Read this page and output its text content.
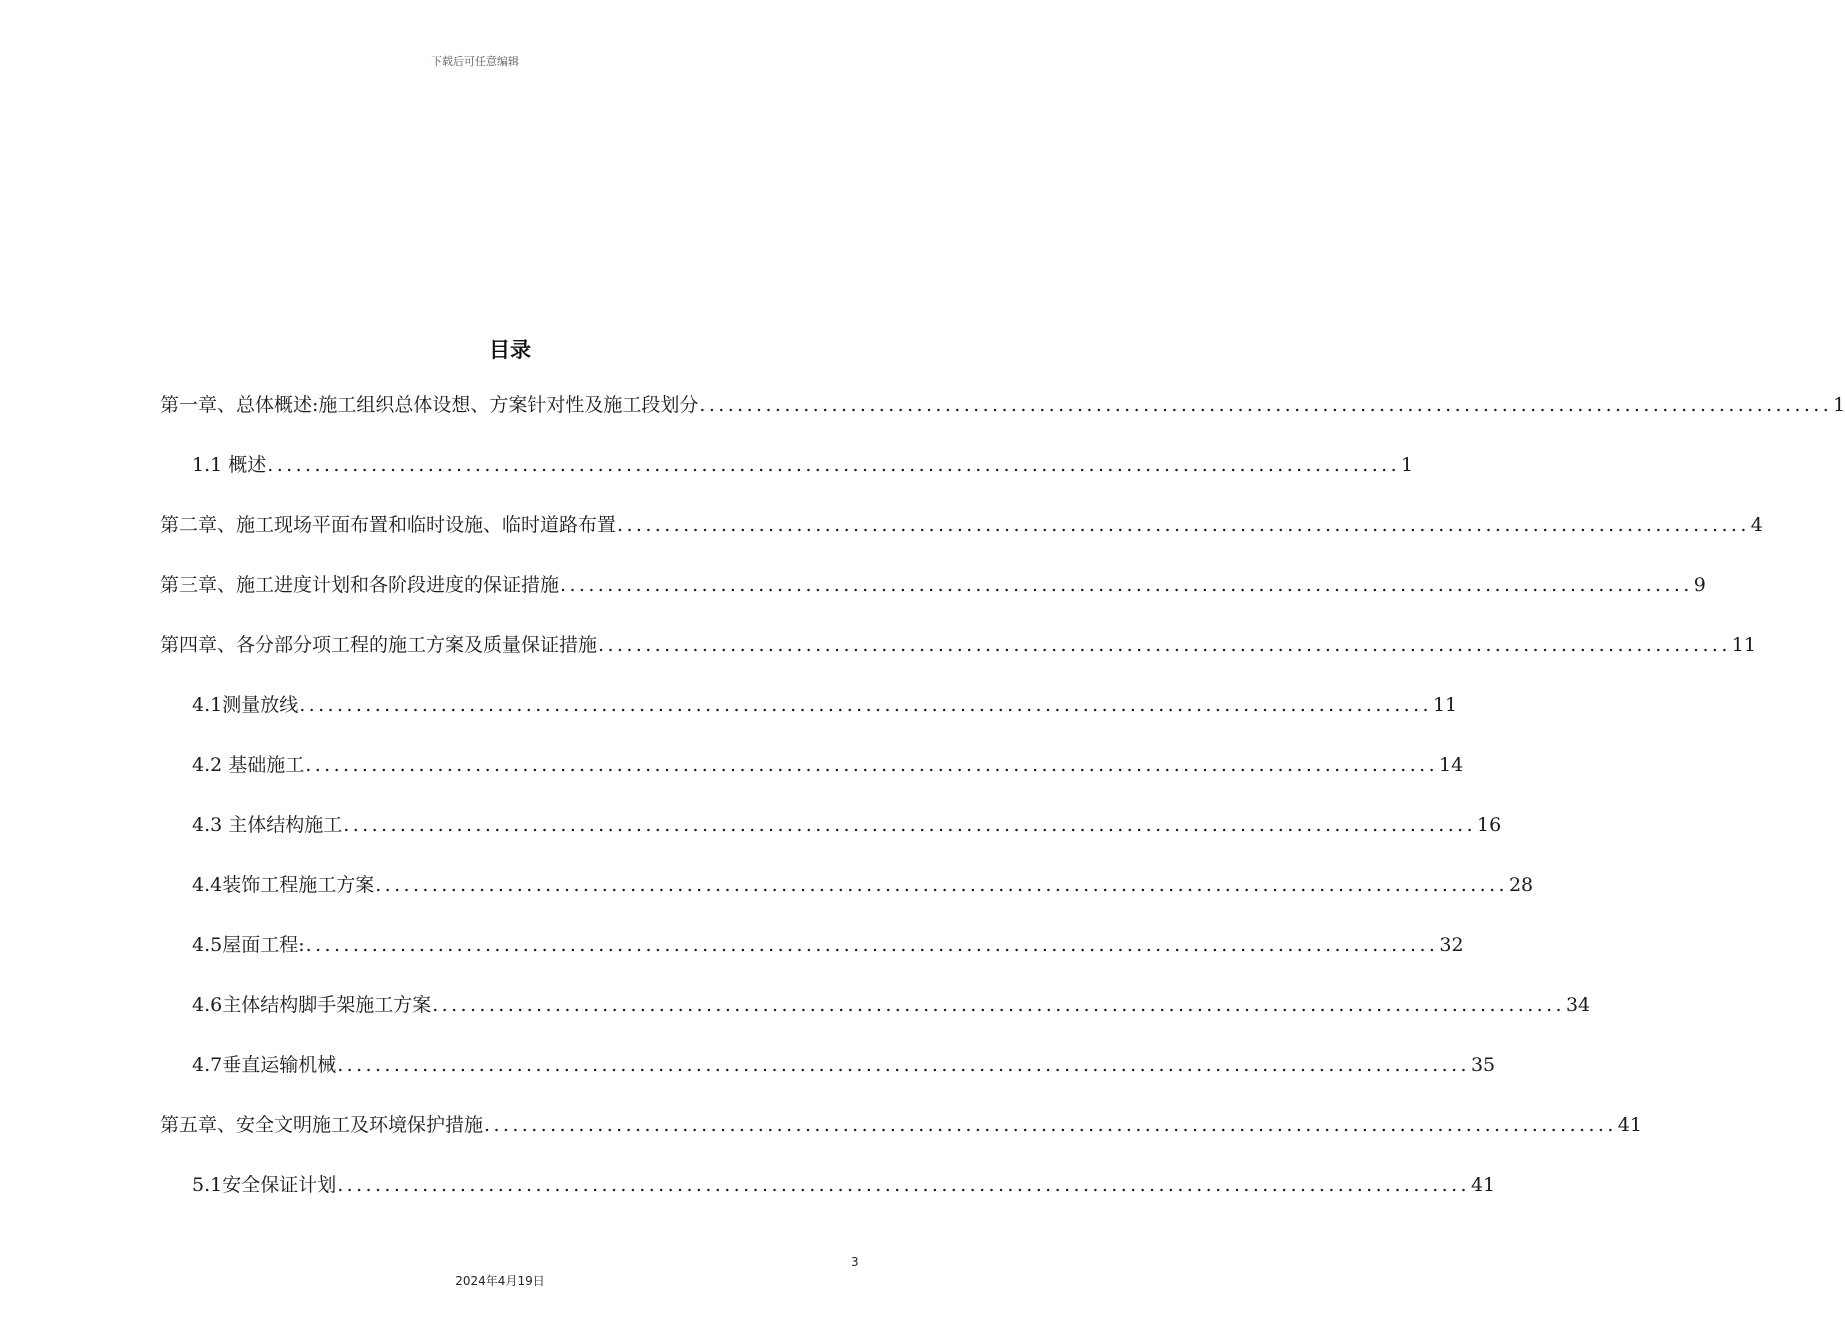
下载后可任意编辑
目录
第一章、总体概述:施工组织总体设想、方案针对性及施工段划分 ........................................................................................................................ 1
1.1 概述 ........................................................................................................................ 1
第二章、施工现场平面布置和临时设施、临时道路布置 ........................................................................................................................ 4
第三章、施工进度计划和各阶段进度的保证措施 ........................................................................................................................ 9
第四章、各分部分项工程的施工方案及质量保证措施 ........................................................................................................................ 11
4.1测量放线 ........................................................................................................................ 11
4.2 基础施工 ........................................................................................................................ 14
4.3 主体结构施工 ........................................................................................................................ 16
4.4装饰工程施工方案 ........................................................................................................................ 28
4.5屋面工程: ........................................................................................................................ 32
4.6主体结构脚手架施工方案 ........................................................................................................................ 34
4.7垂直运输机械 ........................................................................................................................ 35
第五章、安全文明施工及环境保护措施 ........................................................................................................................ 41
5.1安全保证计划 ........................................................................................................................ 41
3
2024年4月19日
